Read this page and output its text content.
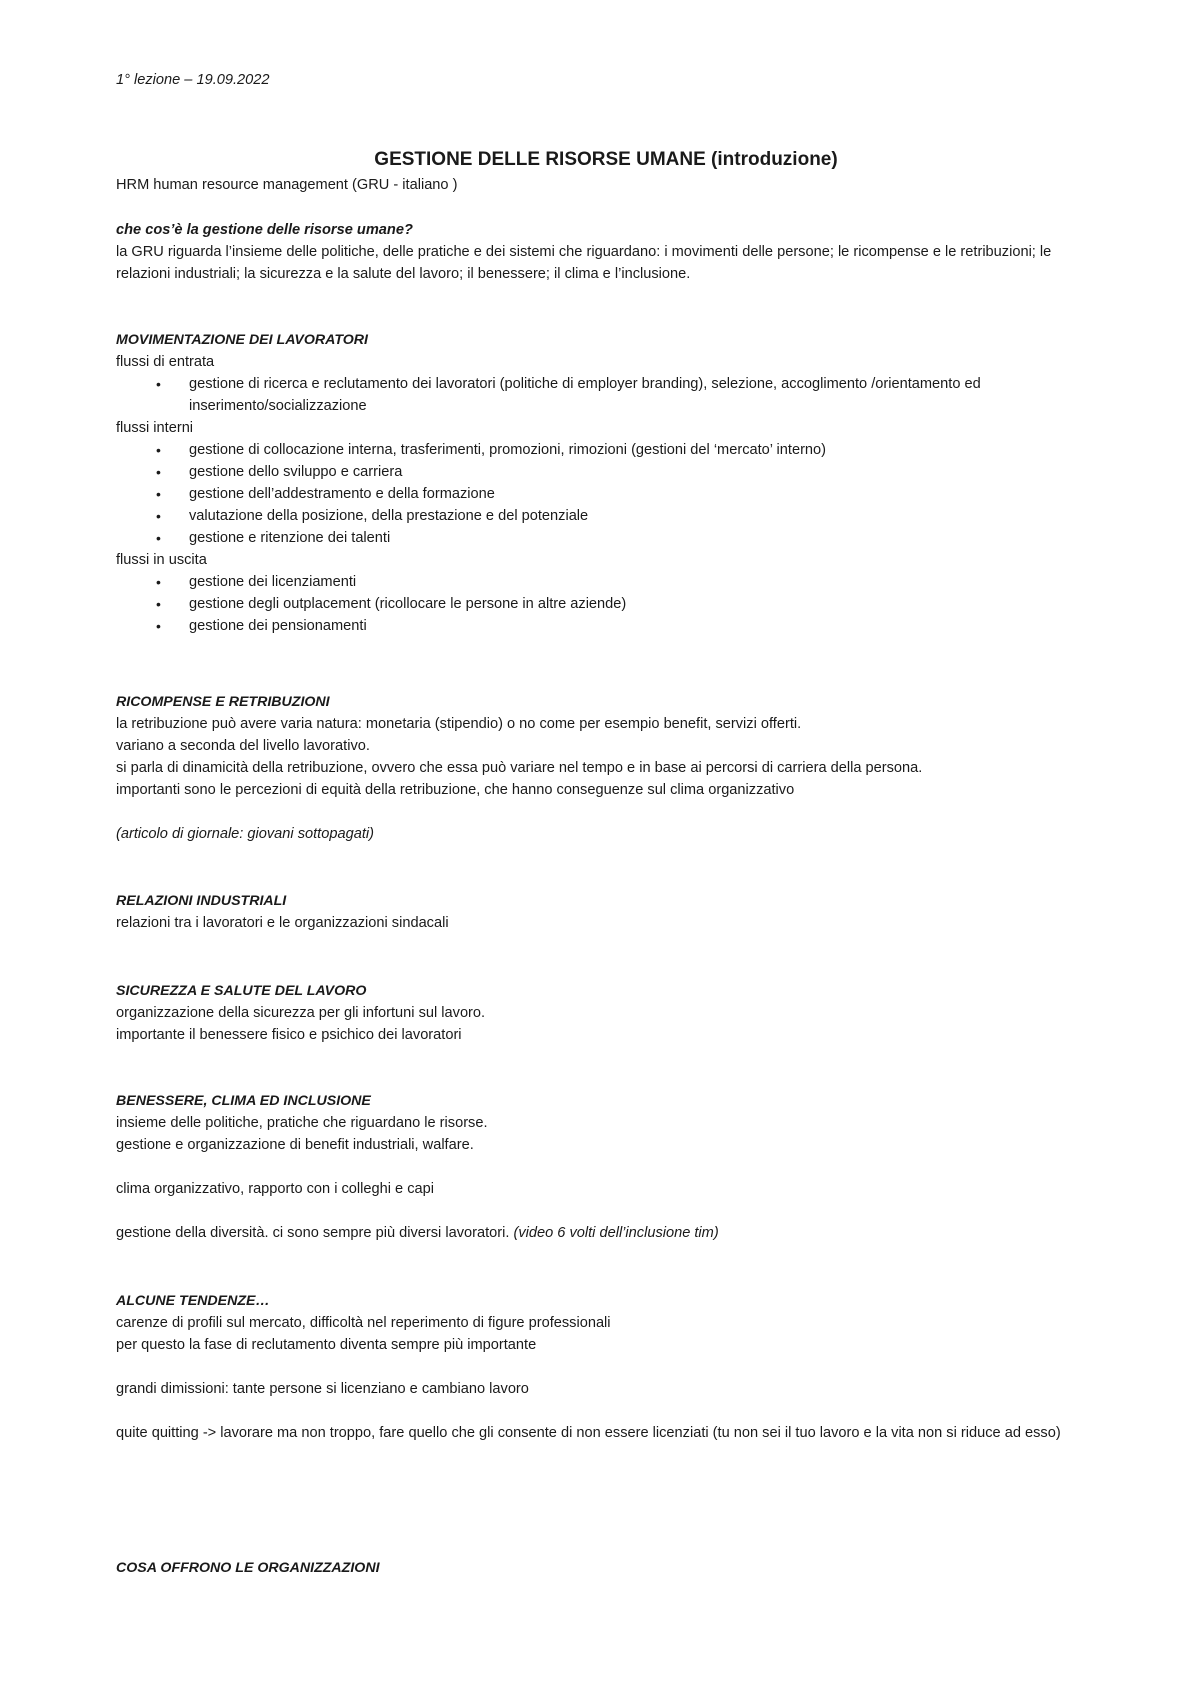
1° lezione – 19.09.2022
GESTIONE DELLE RISORSE UMANE (introduzione)
HRM human resource management (GRU - italiano )
che cos’è la gestione delle risorse umane?
la GRU riguarda l’insieme delle politiche, delle pratiche e dei sistemi che riguardano: i movimenti delle persone; le ricompense e le retribuzioni; le relazioni industriali; la sicurezza e la salute del lavoro; il benessere; il clima e l’inclusione.
MOVIMENTAZIONE DEI LAVORATORI
flussi di entrata
• gestione di ricerca e reclutamento dei lavoratori (politiche di employer branding), selezione, accoglimento /orientamento ed inserimento/socializzazione
flussi interni
• gestione di collocazione interna, trasferimenti, promozioni, rimozioni (gestioni del ‘mercato’ interno)
• gestione dello sviluppo e carriera
• gestione dell’addestramento e della formazione
• valutazione della posizione, della prestazione e del potenziale
• gestione e ritenzione dei talenti
flussi in uscita
• gestione dei licenziamenti
• gestione degli outplacement (ricollocare le persone in altre aziende)
• gestione dei pensionamenti
RICOMPENSE E RETRIBUZIONI
la retribuzione può avere varia natura: monetaria (stipendio) o no come per esempio benefit, servizi offerti.
variano a seconda del livello lavorativo.
si parla di dinamicità della retribuzione, ovvero che essa può variare nel tempo e in base ai percorsi di carriera della persona.
importanti sono le percezioni di equità della retribuzione, che hanno conseguenze sul clima organizzativo
(articolo di giornale: giovani sottopagati)
RELAZIONI INDUSTRIALI
relazioni tra i lavoratori e le organizzazioni sindacali
SICUREZZA E SALUTE DEL LAVORO
organizzazione della sicurezza per gli infortuni sul lavoro.
importante il benessere fisico e psichico dei lavoratori
BENESSERE, CLIMA ED INCLUSIONE
insieme delle politiche, pratiche che riguardano le risorse.
gestione e organizzazione di benefit industriali, walfare.
clima organizzativo, rapporto con i colleghi e capi
gestione della diversità. ci sono sempre più diversi lavoratori. (video 6 volti dell’inclusione tim)
ALCUNE TENDENZE…
carenze di profili sul mercato, difficoltà nel reperimento di figure professionali
per questo la fase di reclutamento diventa sempre più importante
grandi dimissioni: tante persone si licenziano e cambiano lavoro
quite quitting -> lavorare ma non troppo, fare quello che gli consente di non essere licenziati (tu non sei il tuo lavoro e la vita non si riduce ad esso)
COSA OFFRONO LE ORGANIZZAZIONI
